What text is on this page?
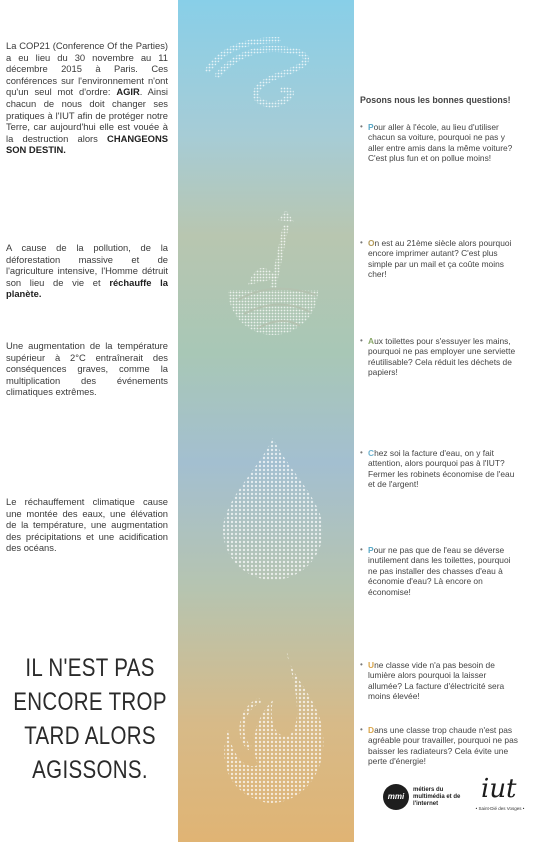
La COP21 (Conference Of the Parties) a eu lieu du 30 novembre au 11 décembre 2015 à Paris. Ces conférences sur l'environnement n'ont qu'un seul mot d'ordre: AGIR. Ainsi chacun de nous doit changer ses pratiques à l'IUT afin de protéger notre Terre, car aujourd'hui elle est vouée à la destruction alors CHANGEONS SON DESTIN.

A cause de la pollution, de la déforestation massive et de l'agriculture intensive, l'Homme détruit son lieu de vie et réchauffe la planète.

Une augmentation de la température supérieur à 2°C entraînerait des conséquences graves, comme la multiplication des événements climatiques extrêmes.

Le réchauffement climatique cause une montée des eaux, une élévation de la température, une augmentation des précipitations et une acidification des océans.

IL N'EST PAS ENCORE TROP TARD ALORS AGISSONS.

Posons nous les bonnes questions!

• Pour aller à l'école, au lieu d'utiliser chacun sa voiture, pourquoi ne pas y aller entre amis dans la même voiture? C'est plus fun et on pollue moins!

• On est au 21ème siècle alors pourquoi encore imprimer autant? C'est plus simple par un mail et ça coûte moins cher!

• Aux toilettes pour s'essuyer les mains, pourquoi ne pas employer une serviette réutilisable? Cela réduit les déchets de papiers!

• Chez soi la facture d'eau, on y fait attention, alors pourquoi pas à l'IUT? Fermer les robinets économise de l'eau et de l'argent!

• Pour ne pas que de l'eau se déverse inutilement dans les toilettes, pourquoi ne pas installer des chasses d'eau à économie d'eau? Là encore on économise!

• Une classe vide n'a pas besoin de lumière alors pourquoi la laisser allumée? La facture d'électricité sera moins élevée!

• Dans une classe trop chaude n'est pas agréable pour travailler, pourquoi ne pas baisser les radiateurs? Cela évite une perte d'énergie!

mmi
métiers du multimédia et de l'internet	iut
• Saint-Dié des Vosges •
